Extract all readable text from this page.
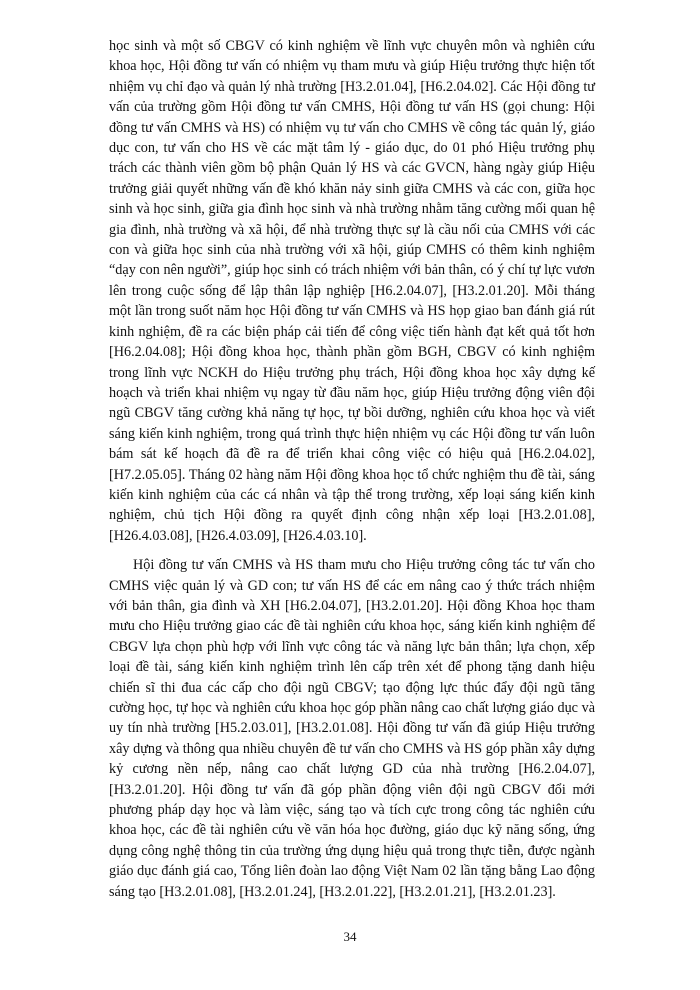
học sinh và một số CBGV có kinh nghiệm về lĩnh vực chuyên môn và nghiên cứu khoa học, Hội đồng tư vấn có nhiệm vụ tham mưu và giúp Hiệu trưởng thực hiện tốt nhiệm vụ chỉ đạo và quản lý nhà trường [H3.2.01.04], [H6.2.04.02]. Các Hội đồng tư vấn của trường gồm Hội đồng tư vấn CMHS, Hội đồng tư vấn HS (gọi chung: Hội đồng tư vấn CMHS và HS) có nhiệm vụ tư vấn cho CMHS về công tác quản lý, giáo dục con, tư vấn cho HS về các mặt tâm lý - giáo dục, do 01 phó Hiệu trưởng phụ trách các thành viên gồm bộ phận Quản lý HS và các GVCN, hàng ngày giúp Hiệu trưởng giải quyết những vấn đề khó khăn nảy sinh giữa CMHS và các con, giữa học sinh và học sinh, giữa gia đình học sinh và nhà trường nhằm tăng cường mối quan hệ gia đình, nhà trường và xã hội, để nhà trường thực sự là cầu nối của CMHS với các con và giữa học sinh của nhà trường với xã hội, giúp CMHS có thêm kinh nghiệm “dạy con nên người”, giúp học sinh có trách nhiệm với bản thân, có ý chí tự lực vươn lên trong cuộc sống để lập thân lập nghiệp [H6.2.04.07], [H3.2.01.20]. Mỗi tháng một lần trong suốt năm học Hội đồng tư vấn CMHS và HS họp giao ban đánh giá rút kinh nghiệm, đề ra các biện pháp cải tiến để công việc tiến hành đạt kết quả tốt hơn [H6.2.04.08]; Hội đồng khoa học, thành phần gồm BGH, CBGV có kinh nghiệm trong lĩnh vực NCKH do Hiệu trưởng phụ trách, Hội đồng khoa học xây dựng kế hoạch và triển khai nhiệm vụ ngay từ đầu năm học, giúp Hiệu trưởng động viên đội ngũ CBGV tăng cường khả năng tự học, tự bồi dưỡng, nghiên cứu khoa học và viết sáng kiến kinh nghiệm, trong quá trình thực hiện nhiệm vụ các Hội đồng tư vấn luôn bám sát kế hoạch đã đề ra để triển khai công việc có hiệu quả [H6.2.04.02], [H7.2.05.05]. Tháng 02 hàng năm Hội đồng khoa học tổ chức nghiệm thu đề tài, sáng kiến kinh nghiệm của các cá nhân và tập thể trong trường, xếp loại sáng kiến kinh nghiệm, chủ tịch Hội đồng ra quyết định công nhận xếp loại [H3.2.01.08], [H26.4.03.08], [H26.4.03.09], [H26.4.03.10].

Hội đồng tư vấn CMHS và HS tham mưu cho Hiệu trưởng công tác tư vấn cho CMHS việc quản lý và GD con; tư vấn HS để các em nâng cao ý thức trách nhiệm với bản thân, gia đình và XH [H6.2.04.07], [H3.2.01.20]. Hội đồng Khoa học tham mưu cho Hiệu trưởng giao các đề tài nghiên cứu khoa học, sáng kiến kinh nghiệm để CBGV lựa chọn phù hợp với lĩnh vực công tác và năng lực bản thân; lựa chọn, xếp loại đề tài, sáng kiến kinh nghiệm trình lên cấp trên xét để phong tặng danh hiệu chiến sĩ thi đua các cấp cho đội ngũ CBGV; tạo động lực thúc đẩy đội ngũ tăng cường học, tự học và nghiên cứu khoa học góp phần nâng cao chất lượng giáo dục và uy tín nhà trường [H5.2.03.01], [H3.2.01.08]. Hội đồng tư vấn đã giúp Hiệu trưởng xây dựng và thông qua nhiều chuyên đề tư vấn cho CMHS và HS góp phần xây dựng kỷ cương nền nếp, nâng cao chất lượng GD của nhà trường [H6.2.04.07], [H3.2.01.20]. Hội đồng tư vấn đã góp phần động viên đội ngũ CBGV đổi mới phương pháp dạy học và làm việc, sáng tạo và tích cực trong công tác nghiên cứu khoa học, các đề tài nghiên cứu về văn hóa học đường, giáo dục kỹ năng sống, ứng dụng công nghệ thông tin của trường ứng dụng hiệu quả trong thực tiễn, được ngành giáo dục đánh giá cao, Tổng liên đoàn lao động Việt Nam 02 lần tặng bằng Lao động sáng tạo [H3.2.01.08], [H3.2.01.24], [H3.2.01.22], [H3.2.01.21], [H3.2.01.23].

34
